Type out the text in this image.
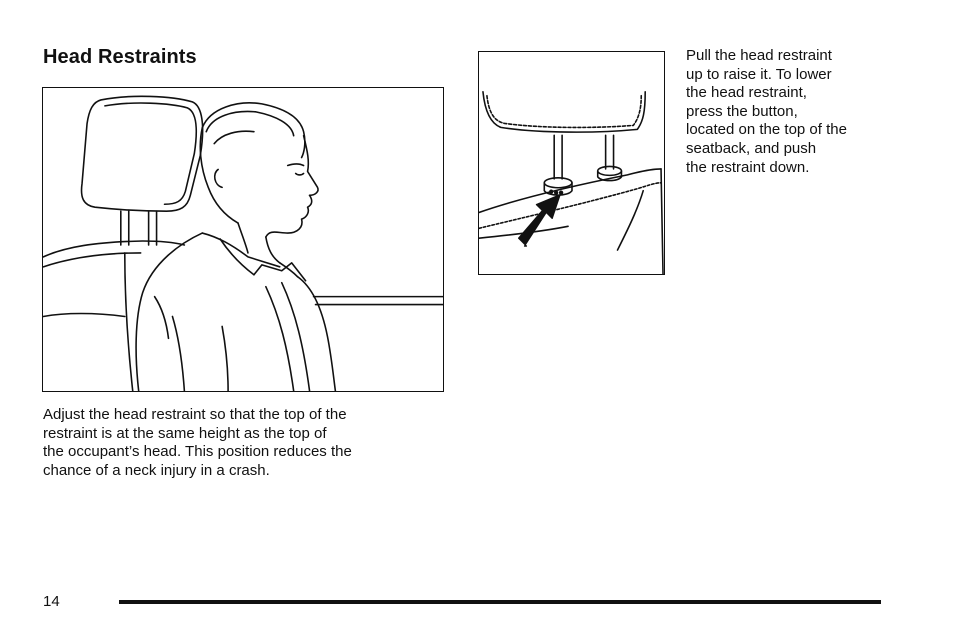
Head Restraints

Adjust the head restraint so that the top of the
restraint is at the same height as the top of
the occupant’s head. This position reduces the
chance of a neck injury in a crash.

Pull the head restraint
up to raise it. To lower
the head restraint,
press the button,
located on the top of the
seatback, and push
the restraint down.

14
